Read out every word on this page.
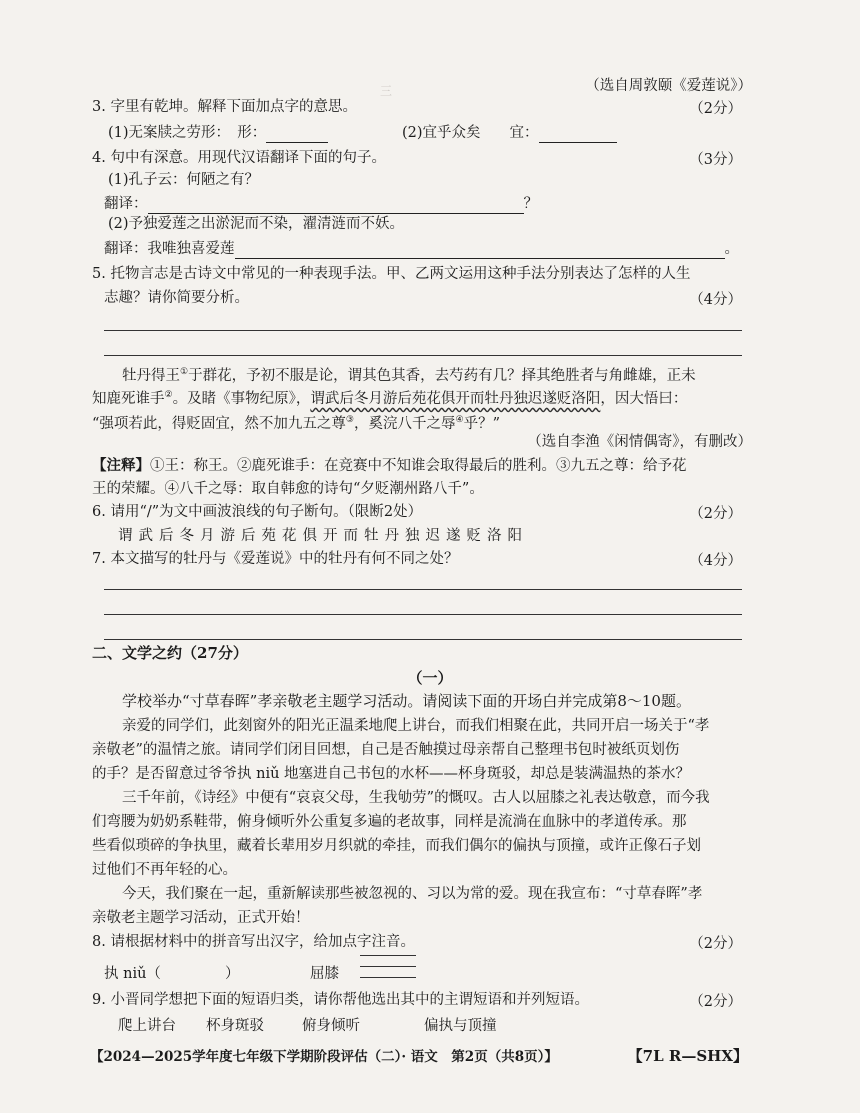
三　　　　　　　　	（选自周敦颐《爱莲说》）
3. 字里有乾坤。解释下面加点字的意思。	（2分）
(1)无案牍之劳形：　形：	(2)宜乎众矣　　宜：
4. 句中有深意。用现代汉语翻译下面的句子。	（3分）
(1)孔子云：何陋之有？
翻译：	？
(2)予独爱莲之出淤泥而不染，濯清涟而不妖。
翻译：我唯独喜爱莲	。
5. 托物言志是古诗文中常见的一种表现手法。甲、乙两文运用这种手法分别表达了怎样的人生
志趣？请你简要分析。	（4分）
牡丹得王①于群花，予初不服是论，谓其色其香，去芍药有几？择其绝胜者与角雌雄，正未
知鹿死谁手②。及睹《事物纪原》，谓武后冬月游后苑花俱开而牡丹独迟遂贬洛阳，因大悟曰：
“强项若此，得贬固宜，然不加九五之尊③，奚浣八千之辱④乎？”
（选自李渔《闲情偶寄》，有删改）
【注释】①王：称王。②鹿死谁手：在竞赛中不知谁会取得最后的胜利。③九五之尊：给予花
王的荣耀。④八千之辱：取自韩愈的诗句“夕贬潮州路八千”。
6. 请用“/”为文中画波浪线的句子断句。（限断2处）	（2分）
谓武后冬月游后苑花俱开而牡丹独迟遂贬洛阳
7. 本文描写的牡丹与《爱莲说》中的牡丹有何不同之处？	（4分）
二、文学之约（27分）
（一）
学校举办“寸草春晖”孝亲敬老主题学习活动。请阅读下面的开场白并完成第8～10题。
亲爱的同学们，此刻窗外的阳光正温柔地爬上讲台，而我们相聚在此，共同开启一场关于“孝
亲敬老”的温情之旅。请同学们闭目回想，自己是否触摸过母亲帮自己整理书包时被纸页划伤
的手？是否留意过爷爷执 niǔ 地塞进自己书包的水杯——杯身斑驳，却总是装满温热的茶水？
三千年前，《诗经》中便有“哀哀父母，生我劬劳”的慨叹。古人以屈膝之礼表达敬意，而今我
们弯腰为奶奶系鞋带，俯身倾听外公重复多遍的老故事，同样是流淌在血脉中的孝道传承。那
些看似琐碎的争执里，藏着长辈用岁月织就的牵挂，而我们偶尔的偏执与顶撞，或许正像石子划
过他们不再年轻的心。
今天，我们聚在一起，重新解读那些被忽视的、习以为常的爱。现在我宣布：“寸草春晖”孝
亲敬老主题学习活动，正式开始！
8. 请根据材料中的拼音写出汉字，给加点字注音。	（2分）
执 niǔ（	）	屈膝
9. 小晋同学想把下面的短语归类，请你帮他选出其中的主谓短语和并列短语。	（2分）
爬上讲台 杯身斑驳	俯身倾听	偏执与顶撞
【2024—2025学年度七年级下学期阶段评估（二）· 语文　第2页（共8页）】	【7L R—SHX】
